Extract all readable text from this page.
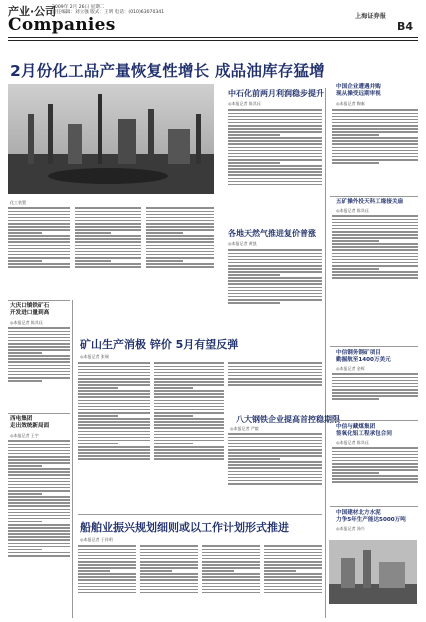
产业·公司
2009年 2月 26日 星期二
责任编辑：刘立强 版式：王明 电话：(010)63070341
上海证券报
Companies	B4
2月份化工品产量恢复性增长 成品油库存猛增
化工装置
中石化前两月利润稳步提升
◎本报记者 陈其珏
各地天然气推进复价普涨
◎本报记者 黄凯
大庆口镇铁矿石
开发进口量到高
◎本报记者 陈其珏
西电集团
走出效统新局面
◎本报记者 王宇
矿山生产消极 锌价 5月有望反弹
◎本报记者 张瑞
八大钢铁企业提高首控稳期限
◎本报记者 严毅
船舶业振兴规划细则或以工作计划形式推进
◎本报记者 于祥明
中国企业遭遇并购
现从操受远期审视
◎本报记者 陶秦
五矿操外投天科工缘接关扇
◎本报记者 陈其珏
中信钢务钢矿项目
勤掘航至1400万美元
◎本报记者 金辉
中信与藏煤集团
签氧化铝工程承包合同
◎本报记者 陈其珏
中国建材北方水泥
力争5年生产能达5000万吨
◎本报记者 汤兴
